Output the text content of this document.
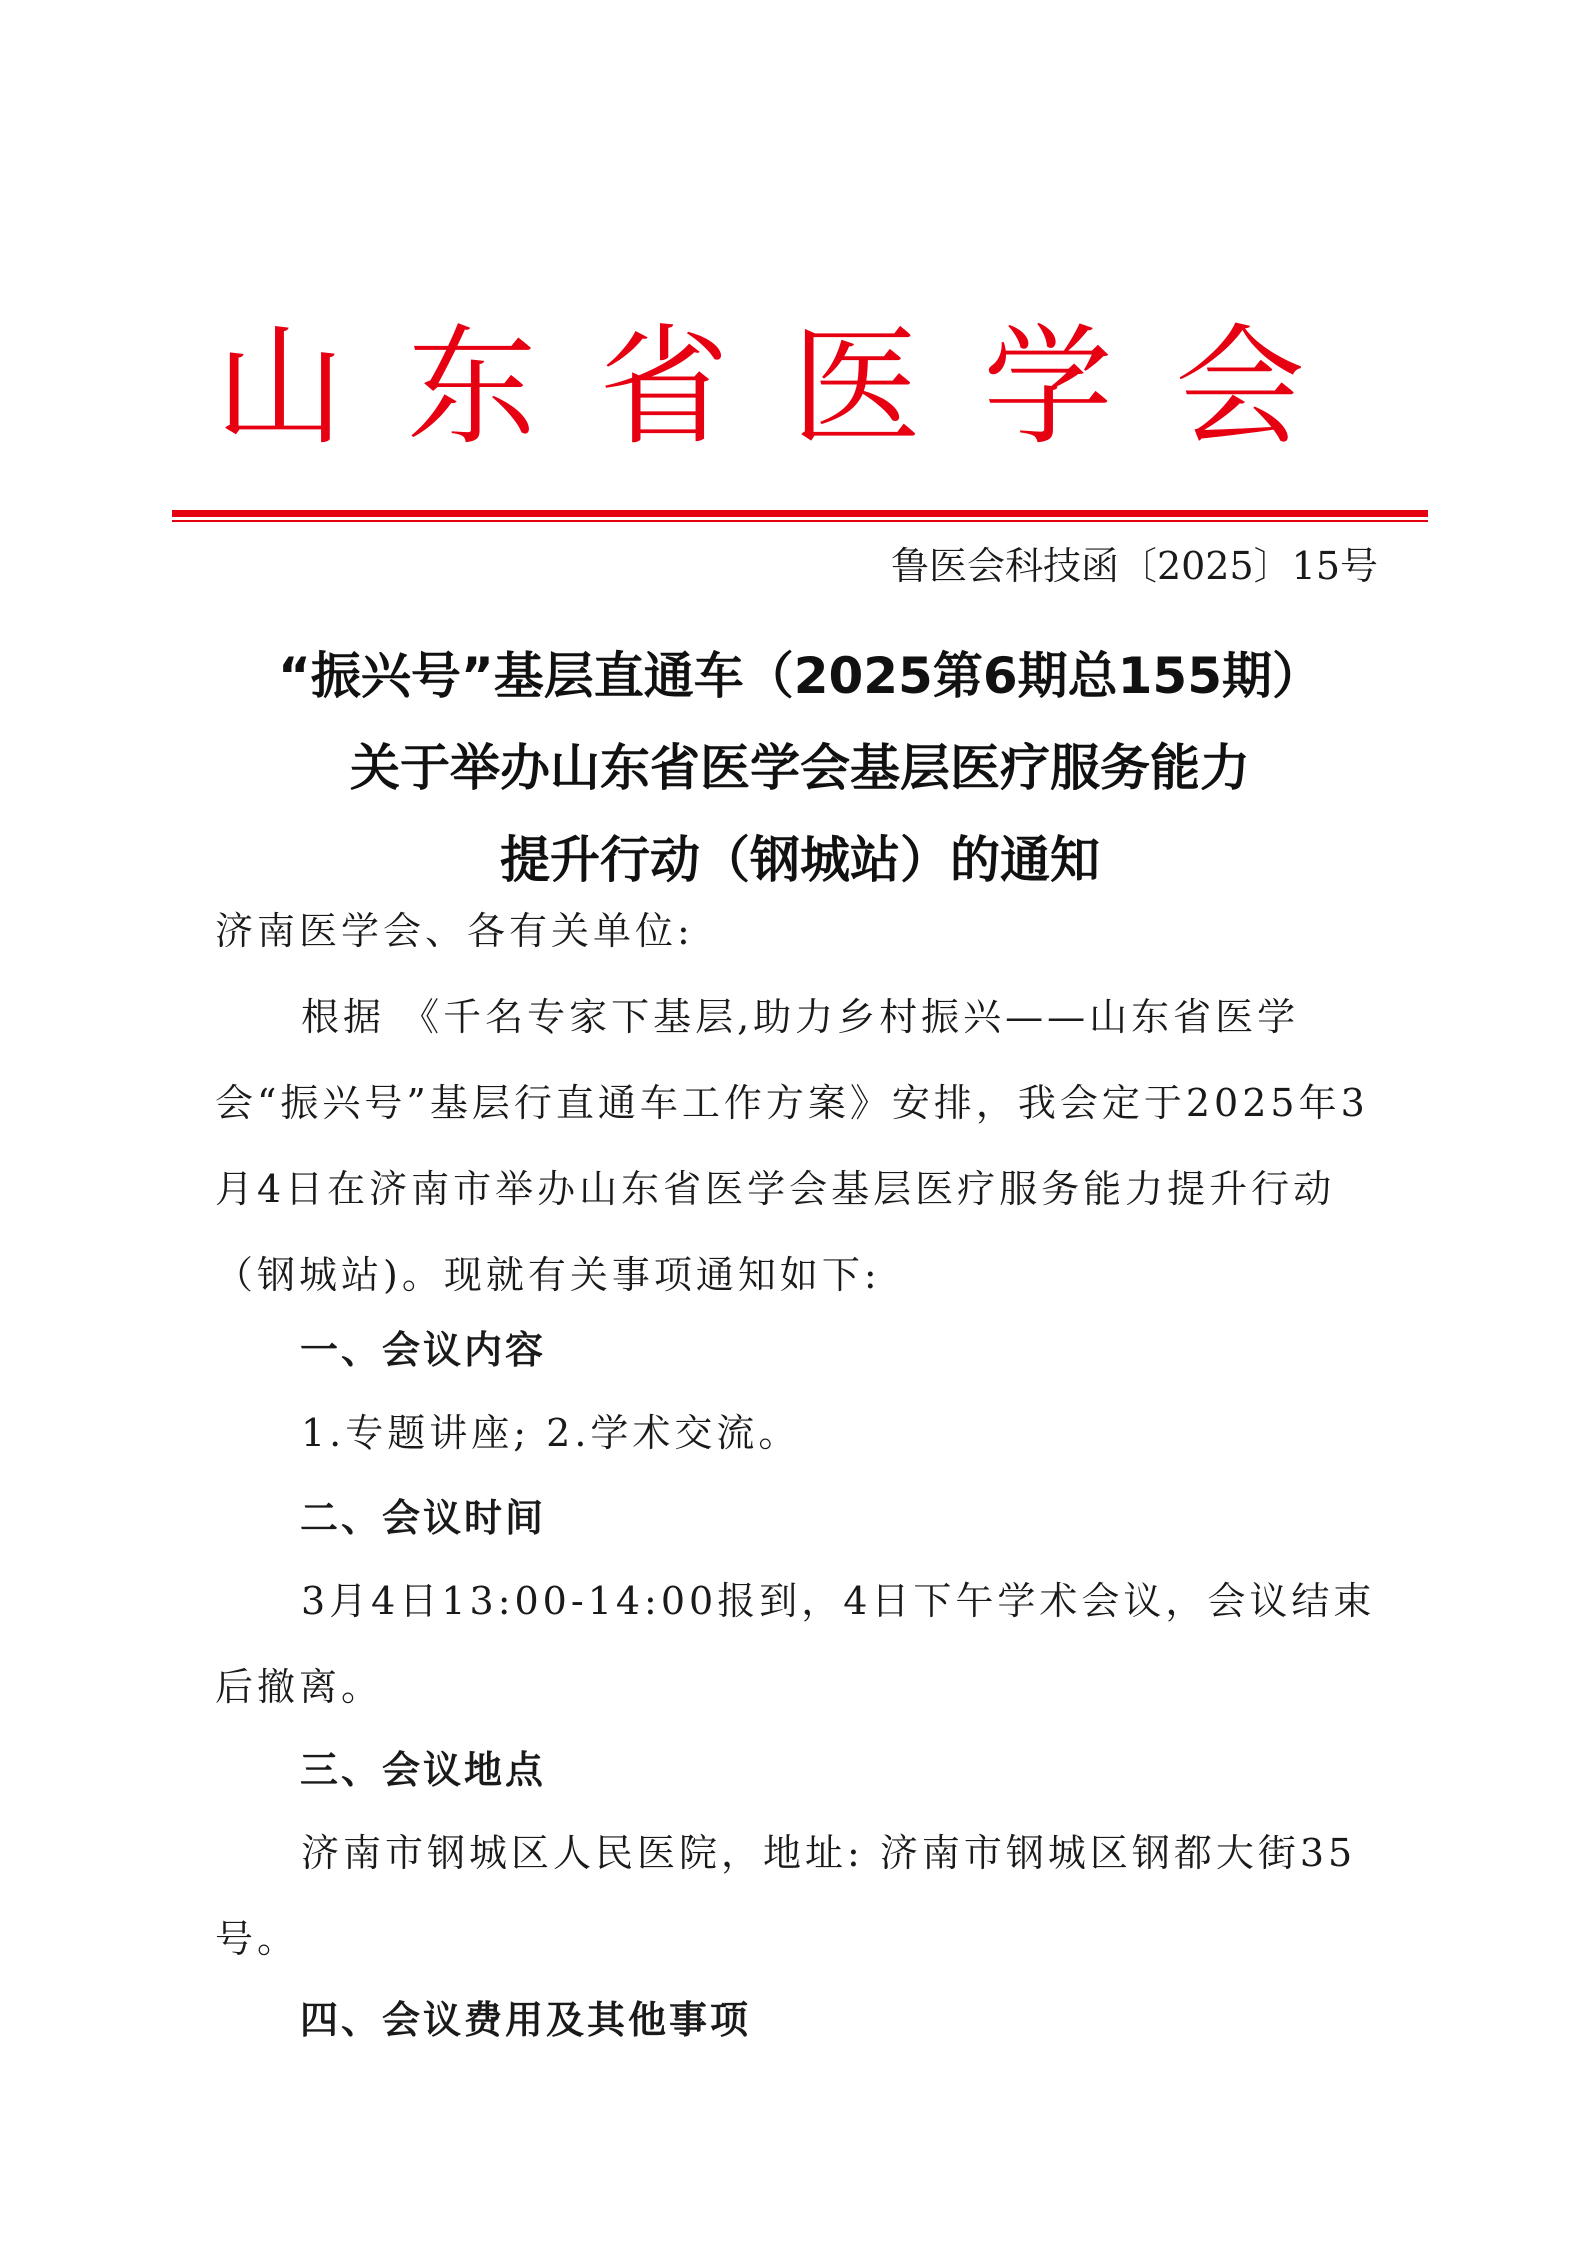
山东省医学会
鲁医会科技函〔2025〕15号
“振兴号”基层直通车（2025第6期总155期）
关于举办山东省医学会基层医疗服务能力
提升行动（钢城站）的通知
济南医学会、各有关单位:
根据 《千名专家下基层,助力乡村振兴——山东省医学会“振兴号”基层行直通车工作方案》安排，我会定于2025年3月4日在济南市举办山东省医学会基层医疗服务能力提升行动（钢城站)。现就有关事项通知如下:
一、会议内容
1.专题讲座; 2.学术交流。
二、会议时间
3月4日13:00-14:00报到，4日下午学术会议，会议结束后撤离。
三、会议地点
济南市钢城区人民医院，地址: 济南市钢城区钢都大街35号。
四、会议费用及其他事项
